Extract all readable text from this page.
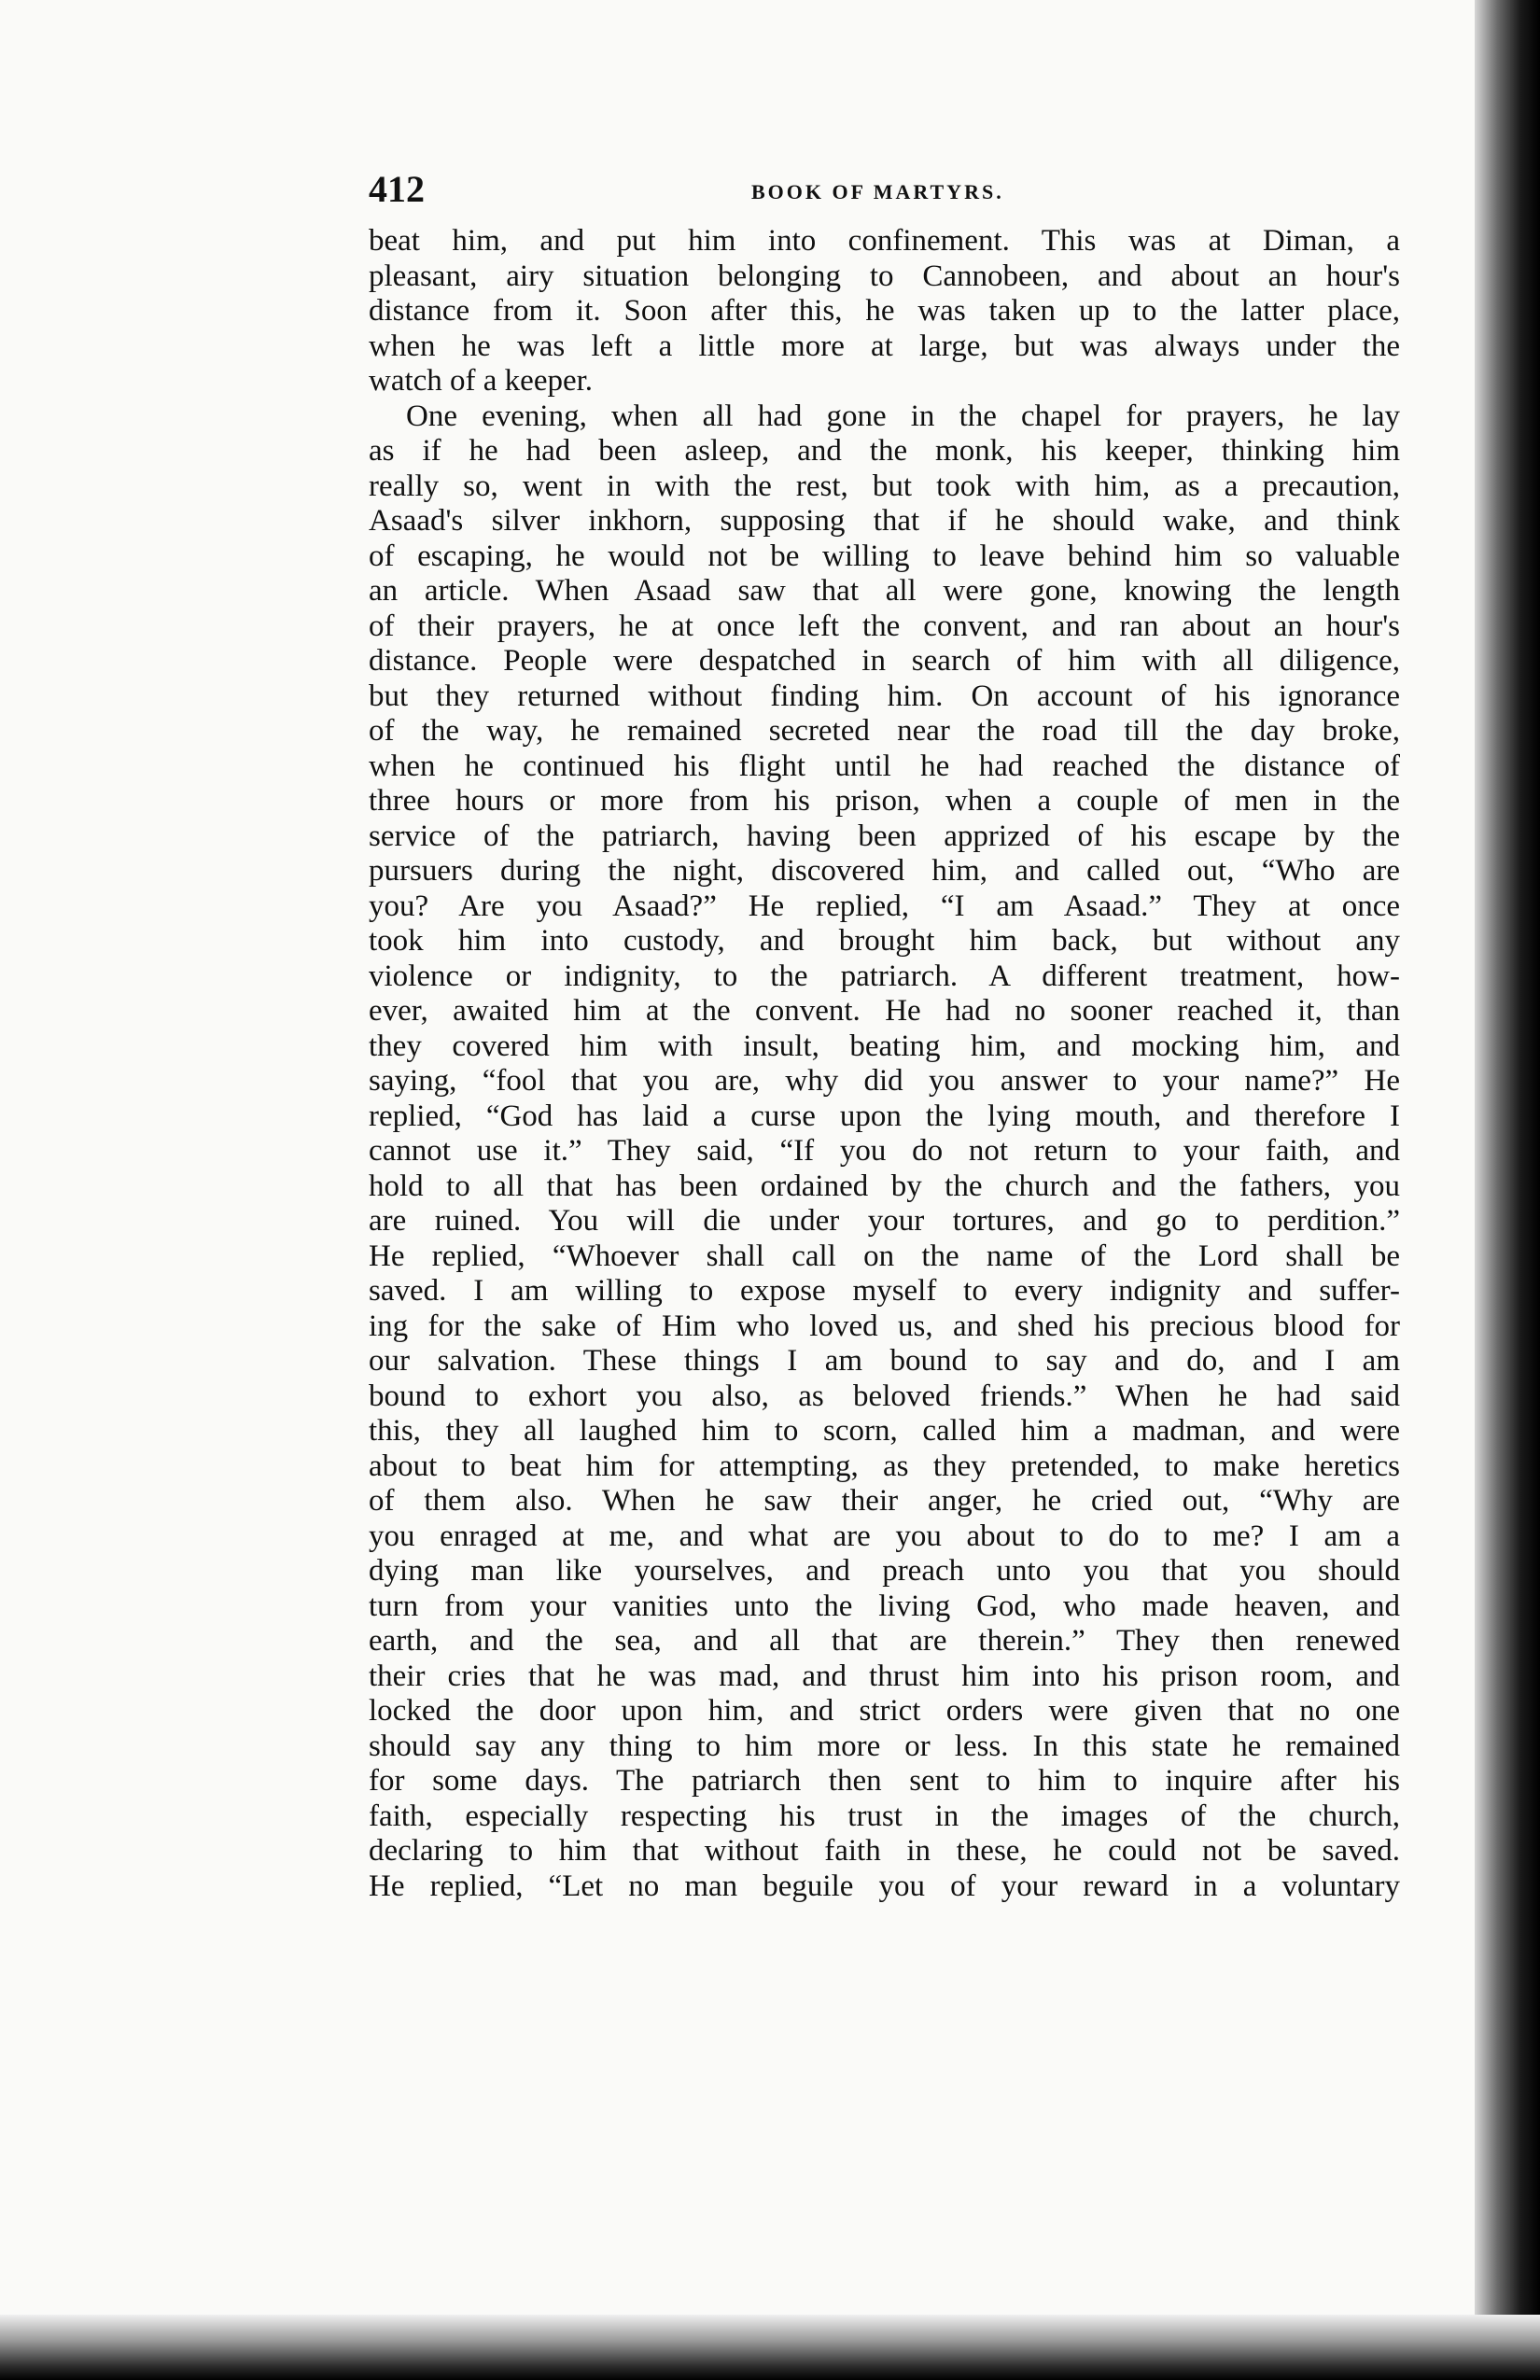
412	BOOK OF MARTYRS.
beat him, and put him into confinement. This was at Diman, a
pleasant, airy situation belonging to Cannobeen, and about an hour's
distance from it. Soon after this, he was taken up to the latter place,
when he was left a little more at large, but was always under the
watch of a keeper.
One evening, when all had gone in the chapel for prayers, he lay
as if he had been asleep, and the monk, his keeper, thinking him
really so, went in with the rest, but took with him, as a precaution,
Asaad's silver inkhorn, supposing that if he should wake, and think
of escaping, he would not be willing to leave behind him so valuable
an article. When Asaad saw that all were gone, knowing the length
of their prayers, he at once left the convent, and ran about an hour's
distance. People were despatched in search of him with all diligence,
but they returned without finding him. On account of his ignorance
of the way, he remained secreted near the road till the day broke,
when he continued his flight until he had reached the distance of
three hours or more from his prison, when a couple of men in the
service of the patriarch, having been apprized of his escape by the
pursuers during the night, discovered him, and called out, “Who are
you? Are you Asaad?” He replied, “I am Asaad.” They at once
took him into custody, and brought him back, but without any
violence or indignity, to the patriarch. A different treatment, how-
ever, awaited him at the convent. He had no sooner reached it, than
they covered him with insult, beating him, and mocking him, and
saying, “fool that you are, why did you answer to your name?” He
replied, “God has laid a curse upon the lying mouth, and therefore I
cannot use it.” They said, “If you do not return to your faith, and
hold to all that has been ordained by the church and the fathers, you
are ruined. You will die under your tortures, and go to perdition.”
He replied, “Whoever shall call on the name of the Lord shall be
saved. I am willing to expose myself to every indignity and suffer-
ing for the sake of Him who loved us, and shed his precious blood for
our salvation. These things I am bound to say and do, and I am
bound to exhort you also, as beloved friends.” When he had said
this, they all laughed him to scorn, called him a madman, and were
about to beat him for attempting, as they pretended, to make heretics
of them also. When he saw their anger, he cried out, “Why are
you enraged at me, and what are you about to do to me? I am a
dying man like yourselves, and preach unto you that you should
turn from your vanities unto the living God, who made heaven, and
earth, and the sea, and all that are therein.” They then renewed
their cries that he was mad, and thrust him into his prison room, and
locked the door upon him, and strict orders were given that no one
should say any thing to him more or less. In this state he remained
for some days. The patriarch then sent to him to inquire after his
faith, especially respecting his trust in the images of the church,
declaring to him that without faith in these, he could not be saved.
He replied, “Let no man beguile you of your reward in a voluntary
